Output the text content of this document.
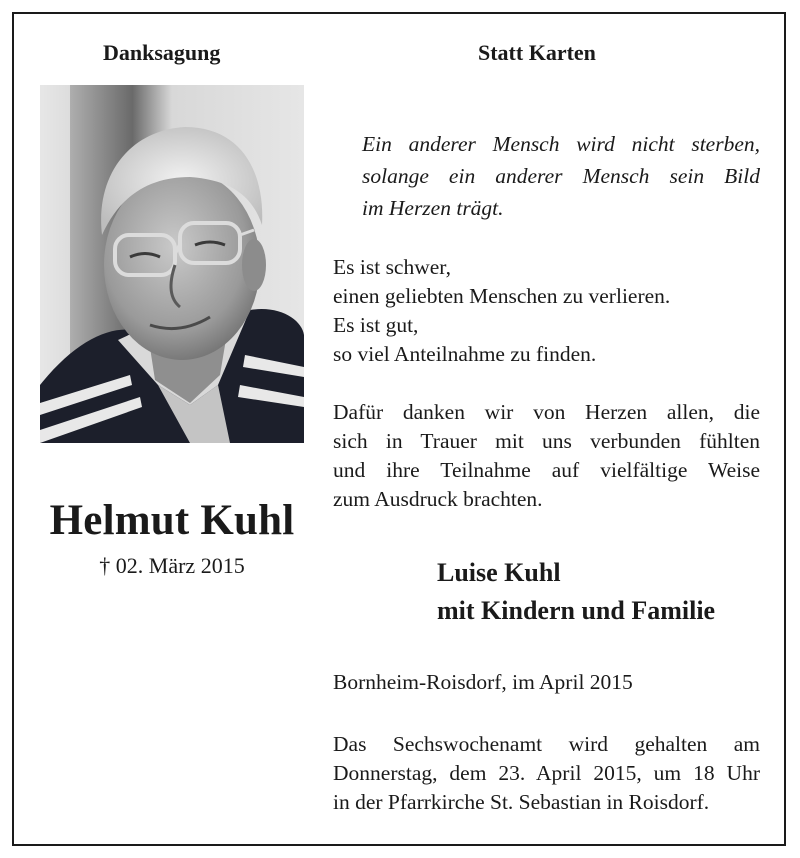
Danksagung	Statt Karten
Helmut Kuhl
† 02. März 2015
Ein anderer Mensch wird nicht sterben,
solange ein anderer Mensch sein Bild
im Herzen trägt.
Es ist schwer,
einen geliebten Menschen zu verlieren.
Es ist gut,
so viel Anteilnahme zu finden.
Dafür danken wir von Herzen allen, die
sich in Trauer mit uns verbunden fühlten
und ihre Teilnahme auf vielfältige Weise
zum Ausdruck brachten.
Luise Kuhl
mit Kindern und Familie
Bornheim-Roisdorf, im April 2015
Das Sechswochenamt wird gehalten am
Donnerstag, dem 23. April 2015, um 18 Uhr
in der Pfarrkirche St. Sebastian in Roisdorf.
